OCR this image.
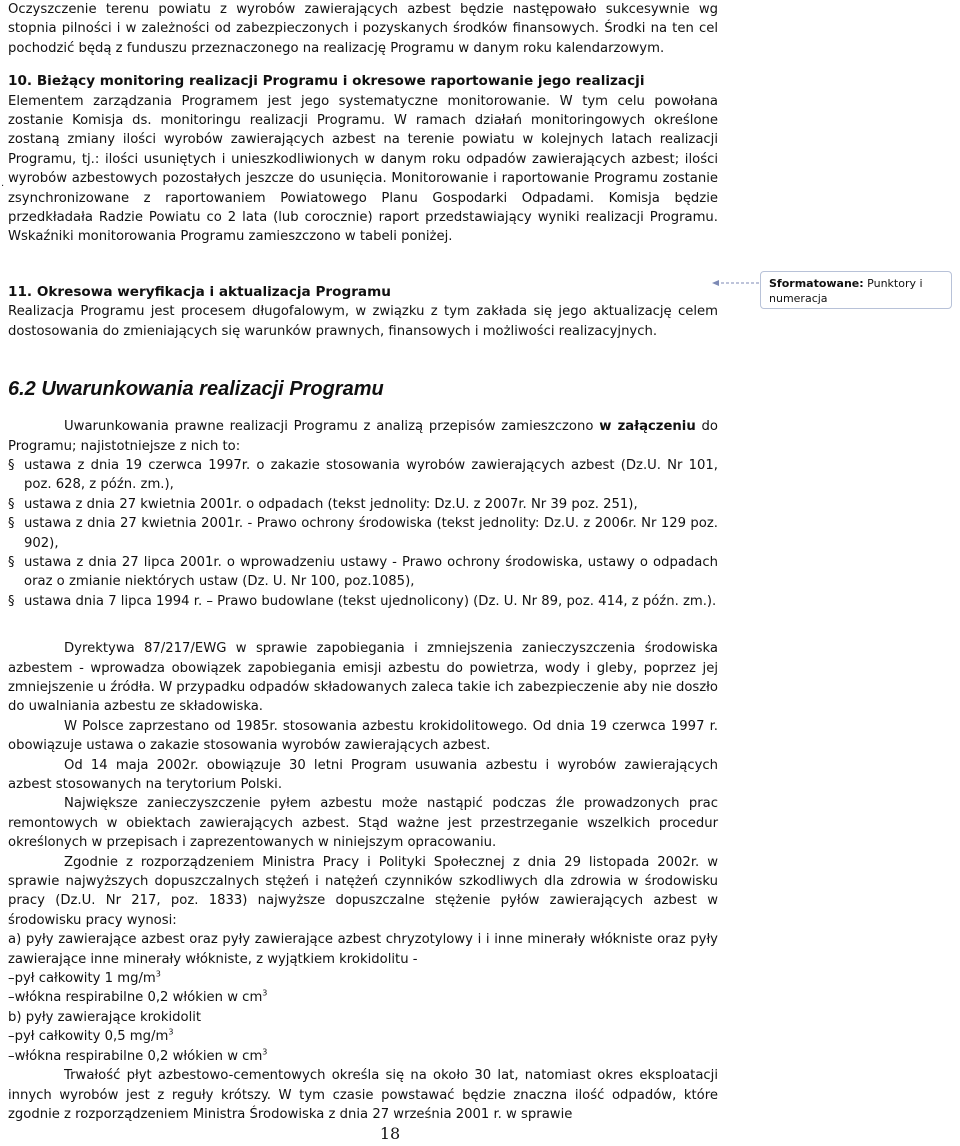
Oczyszczenie terenu powiatu z wyrobów zawierających azbest będzie następowało sukcesywnie wg stopnia pilności i w zależności od zabezpieczonych i pozyskanych środków finansowych. Środki na ten cel pochodzić będą z funduszu przeznaczonego na realizację Programu w danym roku kalendarzowym.

10. Bieżący monitoring realizacji Programu i okresowe raportowanie jego realizacji

Elementem zarządzania Programem jest jego systematyczne monitorowanie. W tym celu powołana zostanie Komisja ds. monitoringu realizacji Programu. W ramach działań monitoringowych określone zostaną zmiany ilości wyrobów zawierających azbest na terenie powiatu w kolejnych latach realizacji Programu, tj.: ilości usuniętych i unieszkodliwionych w danym roku odpadów zawierających azbest; ilości wyrobów azbestowych pozostałych jeszcze do usunięcia. Monitorowanie i raportowanie Programu zostanie zsynchronizowane z raportowaniem Powiatowego Planu Gospodarki Odpadami. Komisja będzie przedkładała Radzie Powiatu co 2 lata (lub corocznie) raport przedstawiający wyniki realizacji Programu. Wskaźniki monitorowania Programu zamieszczono w tabeli poniżej.

11. Okresowa weryfikacja i aktualizacja Programu

Realizacja Programu jest procesem długofalowym, w związku z tym zakłada się jego aktualizację celem dostosowania do zmieniających się warunków prawnych, finansowych i możliwości realizacyjnych.

6.2 Uwarunkowania realizacji Programu

Uwarunkowania prawne realizacji Programu z analizą przepisów zamieszczono w załączeniu do Programu; najistotniejsze z nich to:

§ ustawa z dnia 19 czerwca 1997r. o zakazie stosowania wyrobów zawierających azbest (Dz.U. Nr 101, poz. 628, z późn. zm.),

§ ustawa z dnia 27 kwietnia 2001r. o odpadach (tekst jednolity: Dz.U. z 2007r. Nr 39 poz. 251),

§ ustawa z dnia 27 kwietnia 2001r. - Prawo ochrony środowiska (tekst jednolity: Dz.U. z 2006r. Nr 129 poz. 902),

§ ustawa z dnia 27 lipca 2001r. o wprowadzeniu ustawy - Prawo ochrony środowiska, ustawy o odpadach oraz o zmianie niektórych ustaw (Dz. U. Nr 100, poz.1085),

§ ustawa dnia 7 lipca 1994 r. – Prawo budowlane (tekst ujednolicony) (Dz. U. Nr 89, poz. 414, z późn. zm.).

Dyrektywa 87/217/EWG w sprawie zapobiegania i zmniejszenia zanieczyszczenia środowiska azbestem - wprowadza obowiązek zapobiegania emisji azbestu do powietrza, wody i gleby, poprzez jej zmniejszenie u źródła. W przypadku odpadów składowanych zaleca takie ich zabezpieczenie aby nie doszło do uwalniania azbestu ze składowiska.

W Polsce zaprzestano od 1985r. stosowania azbestu krokidolitowego. Od dnia 19 czerwca 1997 r. obowiązuje ustawa o zakazie stosowania wyrobów zawierających azbest.

Od 14 maja 2002r. obowiązuje 30 letni Program usuwania azbestu i wyrobów zawierających azbest stosowanych na terytorium Polski.

Największe zanieczyszczenie pyłem azbestu może nastąpić podczas źle prowadzonych prac remontowych w obiektach zawierających azbest. Stąd ważne jest przestrzeganie wszelkich procedur określonych w przepisach i zaprezentowanych w niniejszym opracowaniu.

Zgodnie z rozporządzeniem Ministra Pracy i Polityki Społecznej z dnia 29 listopada 2002r. w sprawie najwyższych dopuszczalnych stężeń i natężeń czynników szkodliwych dla zdrowia w środowisku pracy (Dz.U. Nr 217, poz. 1833) najwyższe dopuszczalne stężenie pyłów zawierających azbest w środowisku pracy wynosi:

a) pyły zawierające azbest oraz pyły zawierające azbest chryzotylowy i i inne minerały włókniste oraz pyły zawierające inne minerały włókniste, z wyjątkiem krokidolitu -

–pył całkowity 1 $mg/m^3$

–włókna respirabilne 0,2 włókien w $cm^3$

b) pyły zawierające krokidolit

–pył całkowity 0,5 $mg/m^3$

–włókna respirabilne 0,2 włókien w $cm^3$

Trwałość płyt azbestowo-cementowych określa się na około 30 lat, natomiast okres eksploatacji innych wyrobów jest z reguły krótszy. W tym czasie powstawać będzie znaczna ilość odpadów, które zgodnie z rozporządzeniem Ministra Środowiska z dnia 27 września 2001 r. w sprawie

.
Sformatowane: Punktory i numeracja
18
